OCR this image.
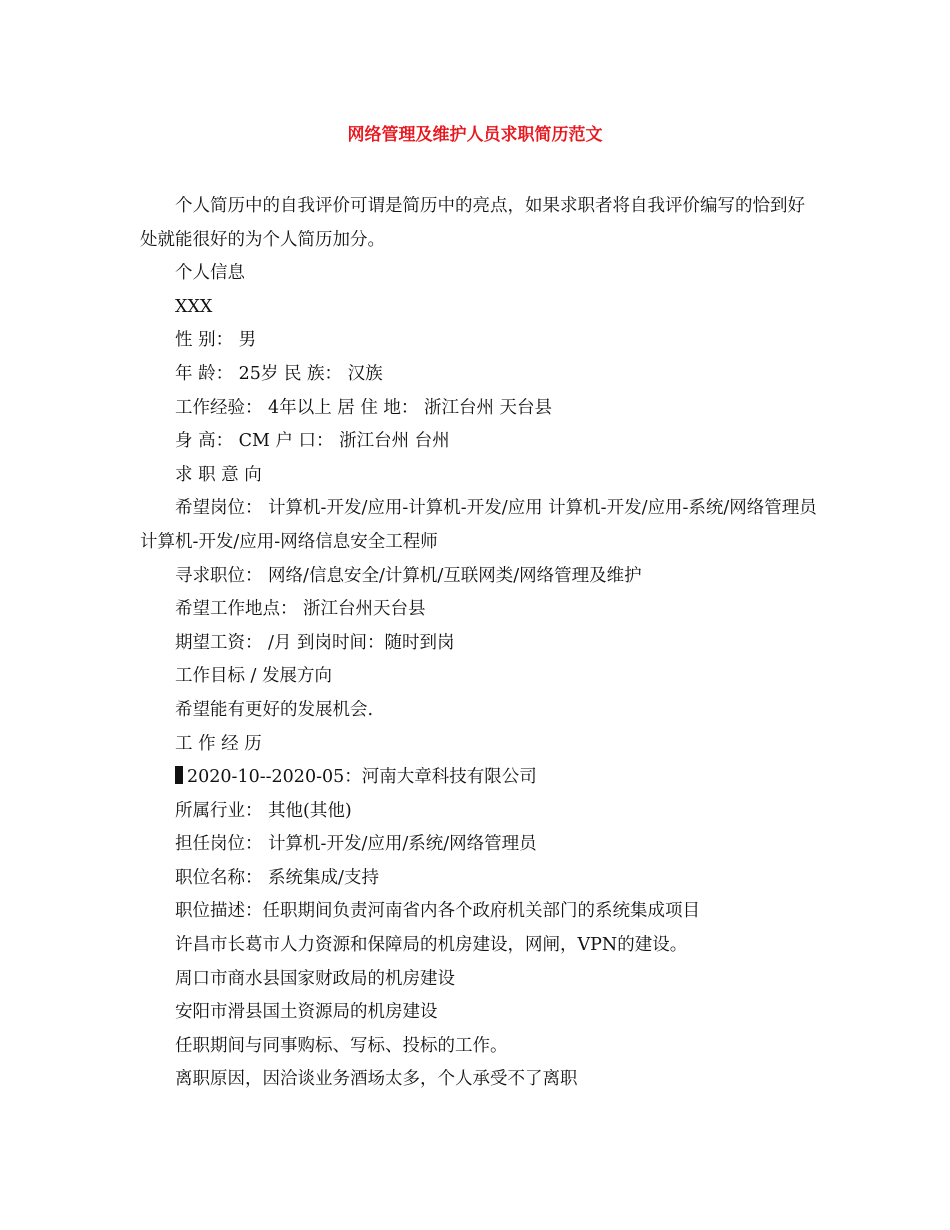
网络管理及维护人员求职简历范文

个人简历中的自我评价可谓是简历中的亮点，如果求职者将自我评价编写的恰到好处就能很好的为个人简历加分。

个人信息

XXX

性 别： 男

年 龄： 25岁 民 族： 汉族

工作经验： 4年以上 居 住 地： 浙江台州 天台县

身 高： CM 户 口： 浙江台州 台州

求 职 意 向

希望岗位： 计算机-开发/应用-计算机-开发/应用 计算机-开发/应用-系统/网络管理员 计算机-开发/应用-网络信息安全工程师

寻求职位： 网络/信息安全/计算机/互联网类/网络管理及维护

希望工作地点： 浙江台州天台县

期望工资： /月 到岗时间：随时到岗

工作目标 / 发展方向

希望能有更好的发展机会.

工 作 经 历

2020-10--2020-05：河南大章科技有限公司

所属行业： 其他(其他)

担任岗位： 计算机-开发/应用/系统/网络管理员

职位名称： 系统集成/支持

职位描述：任职期间负责河南省内各个政府机关部门的系统集成项目

许昌市长葛市人力资源和保障局的机房建设，网闸，VPN的建设。

周口市商水县国家财政局的机房建设

安阳市滑县国土资源局的机房建设

任职期间与同事购标、写标、投标的工作。

离职原因，因洽谈业务酒场太多，个人承受不了离职
